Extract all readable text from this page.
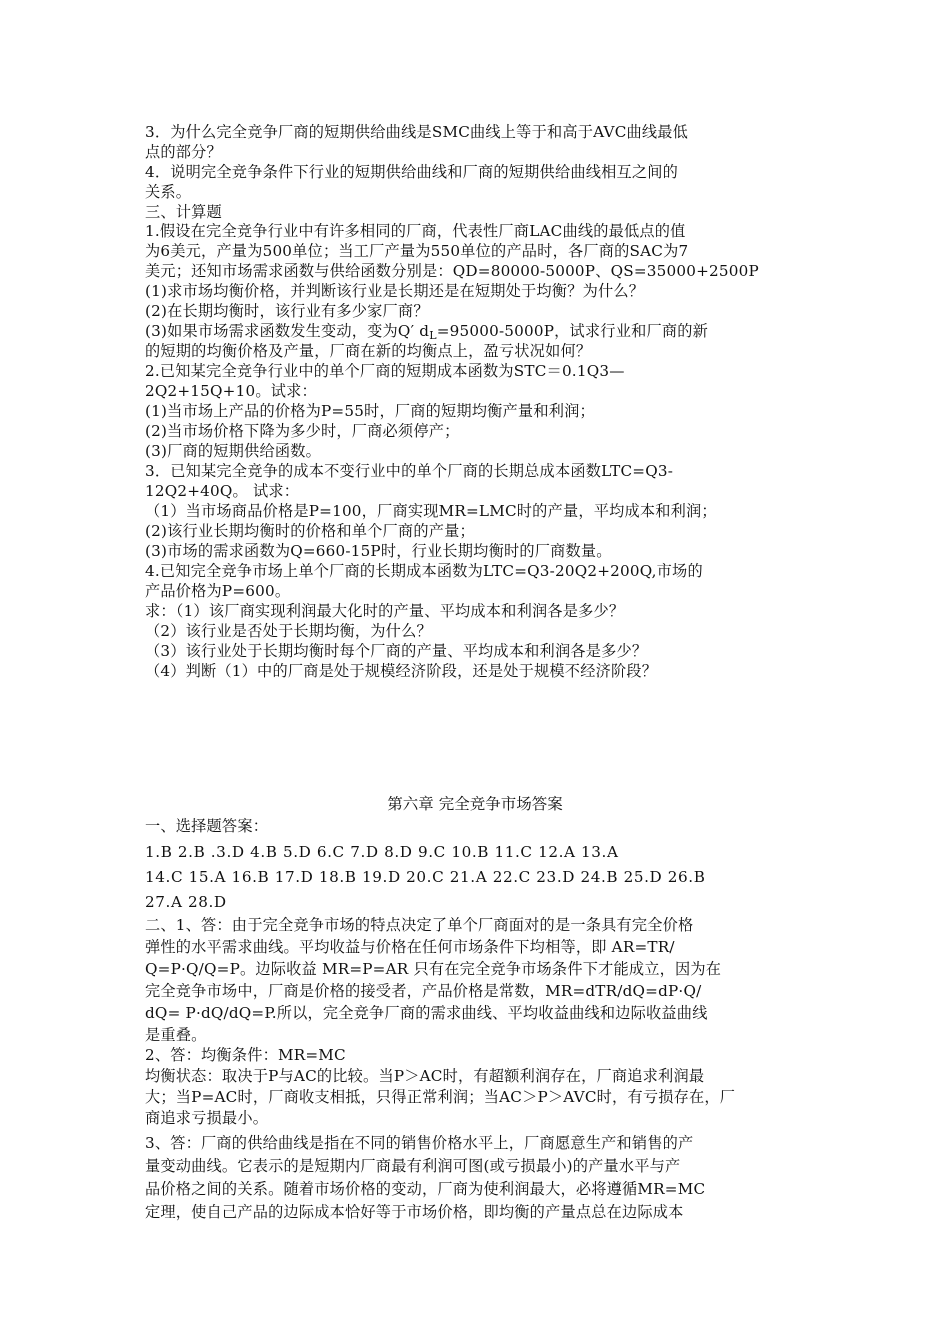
3．为什么完全竞争厂商的短期供给曲线是SMC曲线上等于和高于AVC曲线最低
点的部分？
4．说明完全竞争条件下行业的短期供给曲线和厂商的短期供给曲线相互之间的
关系。
三、计算题
1.假设在完全竞争行业中有许多相同的厂商，代表性厂商LAC曲线的最低点的值
为6美元，产量为500单位；当工厂产量为550单位的产品时，各厂商的SAC为7
美元；还知市场需求函数与供给函数分别是：QD=80000-5000P、QS=35000+2500P
(1)求市场均衡价格，并判断该行业是长期还是在短期处于均衡？为什么？
(2)在长期均衡时，该行业有多少家厂商？
(3)如果市场需求函数发生变动，变为Q′ $d_L=95000-5000P$，试求行业和厂商的新
的短期的均衡价格及产量，厂商在新的均衡点上，盈亏状况如何？
2.已知某完全竞争行业中的单个厂商的短期成本函数为STC＝0.1Q3—
2Q2+15Q+10。试求：
(1)当市场上产品的价格为P=55时，厂商的短期均衡产量和利润；
(2)当市场价格下降为多少时，厂商必须停产；
(3)厂商的短期供给函数。
3．已知某完全竞争的成本不变行业中的单个厂商的长期总成本函数LTC=Q3-
12Q2+40Q。 试求：
（1）当市场商品价格是P=100，厂商实现MR=LMC时的产量，平均成本和利润；
(2)该行业长期均衡时的价格和单个厂商的产量；
(3)市场的需求函数为Q=660-15P时，行业长期均衡时的厂商数量。
4.已知完全竞争市场上单个厂商的长期成本函数为LTC=Q3-20Q2+200Q,市场的
产品价格为P=600。
求：（1）该厂商实现利润最大化时的产量、平均成本和利润各是多少？
（2）该行业是否处于长期均衡，为什么？
（3）该行业处于长期均衡时每个厂商的产量、平均成本和利润各是多少？
（4）判断（1）中的厂商是处于规模经济阶段，还是处于规模不经济阶段？
第六章 完全竞争市场答案
一、选择题答案：
1.B 2.B .3.D 4.B 5.D 6.C 7.D 8.D 9.C 10.B 11.C 12.A 13.A
14.C 15.A 16.B 17.D 18.B 19.D 20.C 21.A 22.C 23.D 24.B 25.D 26.B
27.A 28.D
二、1、答：由于完全竞争市场的特点决定了单个厂商面对的是一条具有完全价格
弹性的水平需求曲线。平均收益与价格在任何市场条件下均相等，即 AR=TR/
Q=P·Q/Q=P。边际收益 MR=P=AR 只有在完全竞争市场条件下才能成立，因为在
完全竞争市场中，厂商是价格的接受者，产品价格是常数，MR=dTR/dQ=dP·Q/
dQ= P·dQ/dQ=P.所以，完全竞争厂商的需求曲线、平均收益曲线和边际收益曲线
是重叠。
2、答：均衡条件：MR=MC
均衡状态：取决于P与AC的比较。当P＞AC时，有超额利润存在，厂商追求利润最
大；当P=AC时，厂商收支相抵，只得正常利润；当AC＞P＞AVC时，有亏损存在，厂
商追求亏损最小。
3、答：厂商的供给曲线是指在不同的销售价格水平上，厂商愿意生产和销售的产
量变动曲线。它表示的是短期内厂商最有利润可图(或亏损最小)的产量水平与产
品价格之间的关系。随着市场价格的变动，厂商为使利润最大，必将遵循MR=MC
定理，使自己产品的边际成本恰好等于市场价格，即均衡的产量点总在边际成本
